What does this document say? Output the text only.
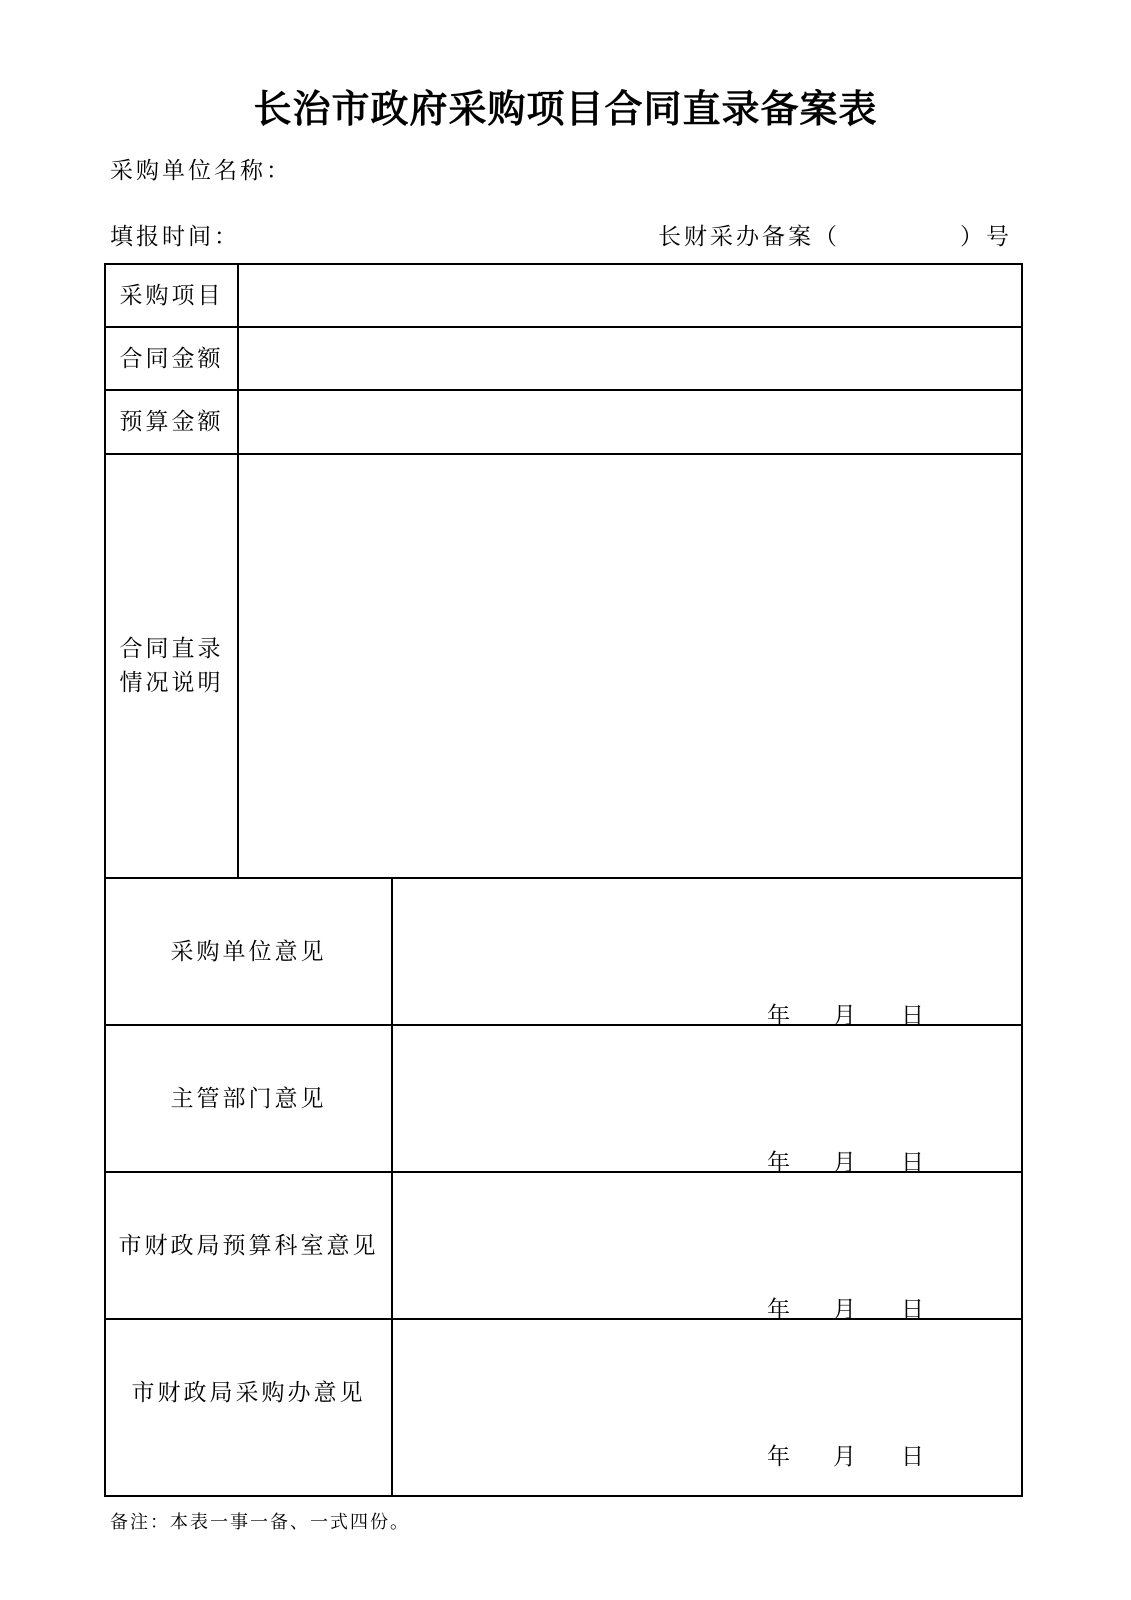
长治市政府采购项目合同直录备案表
采购单位名称：
填报时间：	长财采办备案（	）号
采购项目
合同金额
预算金额
合同直录
情况说明
采购单位意见
年 月 日
主管部门意见
年 月 日
市财政局预算科室意见
年 月 日
市财政局采购办意见
年 月 日
备注：本表一事一备、一式四份。
